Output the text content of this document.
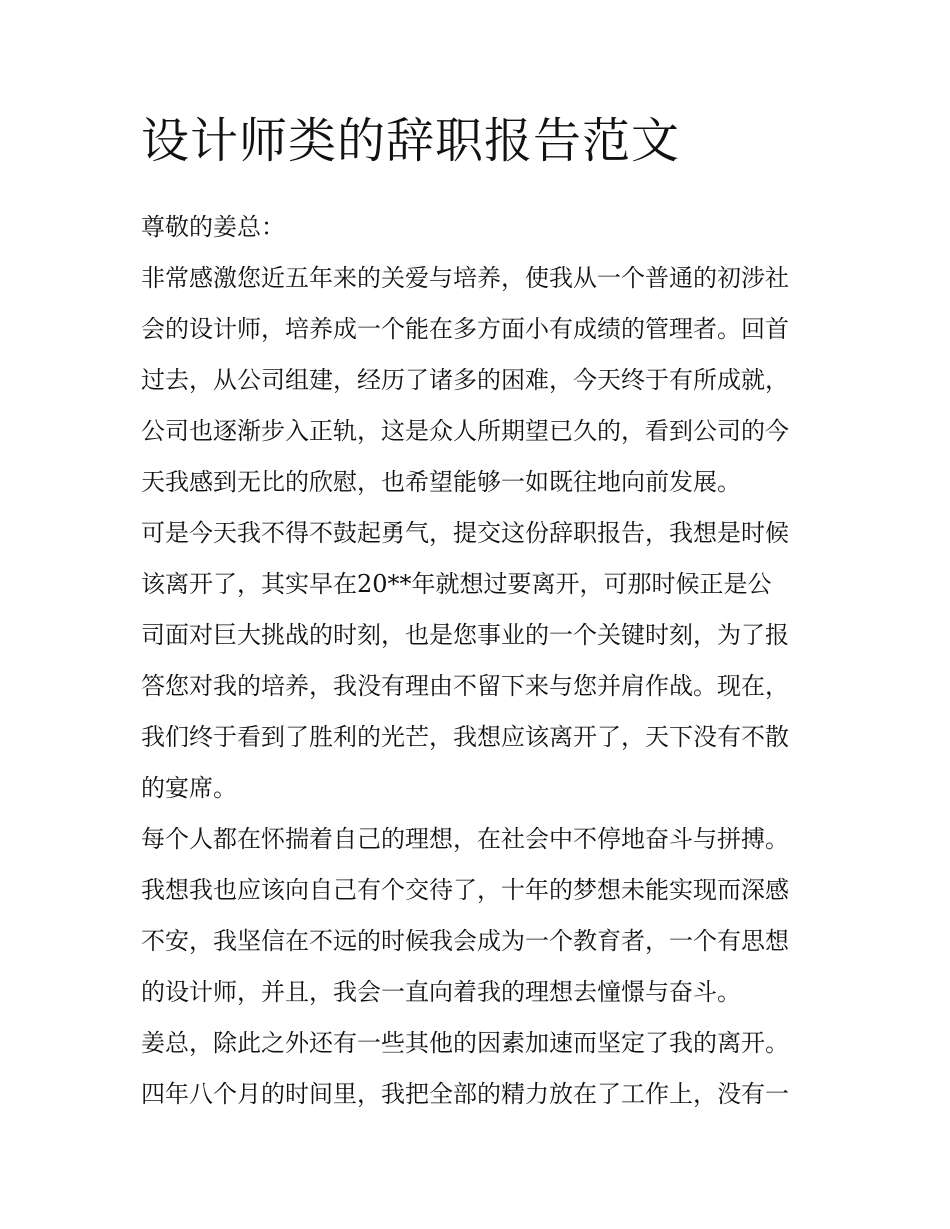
设计师类的辞职报告范文
尊敬的姜总：
非常感激您近五年来的关爱与培养，使我从一个普通的初涉社
会的设计师，培养成一个能在多方面小有成绩的管理者。回首
过去，从公司组建，经历了诸多的困难，今天终于有所成就，
公司也逐渐步入正轨，这是众人所期望已久的，看到公司的今
天我感到无比的欣慰，也希望能够一如既往地向前发展。
可是今天我不得不鼓起勇气，提交这份辞职报告，我想是时候
该离开了，其实早在20**年就想过要离开，可那时候正是公
司面对巨大挑战的时刻，也是您事业的一个关键时刻，为了报
答您对我的培养，我没有理由不留下来与您并肩作战。现在，
我们终于看到了胜利的光芒，我想应该离开了，天下没有不散
的宴席。
每个人都在怀揣着自己的理想，在社会中不停地奋斗与拼搏。
我想我也应该向自己有个交待了，十年的梦想未能实现而深感
不安，我坚信在不远的时候我会成为一个教育者，一个有思想
的设计师，并且，我会一直向着我的理想去憧憬与奋斗。
姜总，除此之外还有一些其他的因素加速而坚定了我的离开。
四年八个月的时间里，我把全部的精力放在了工作上，没有一
